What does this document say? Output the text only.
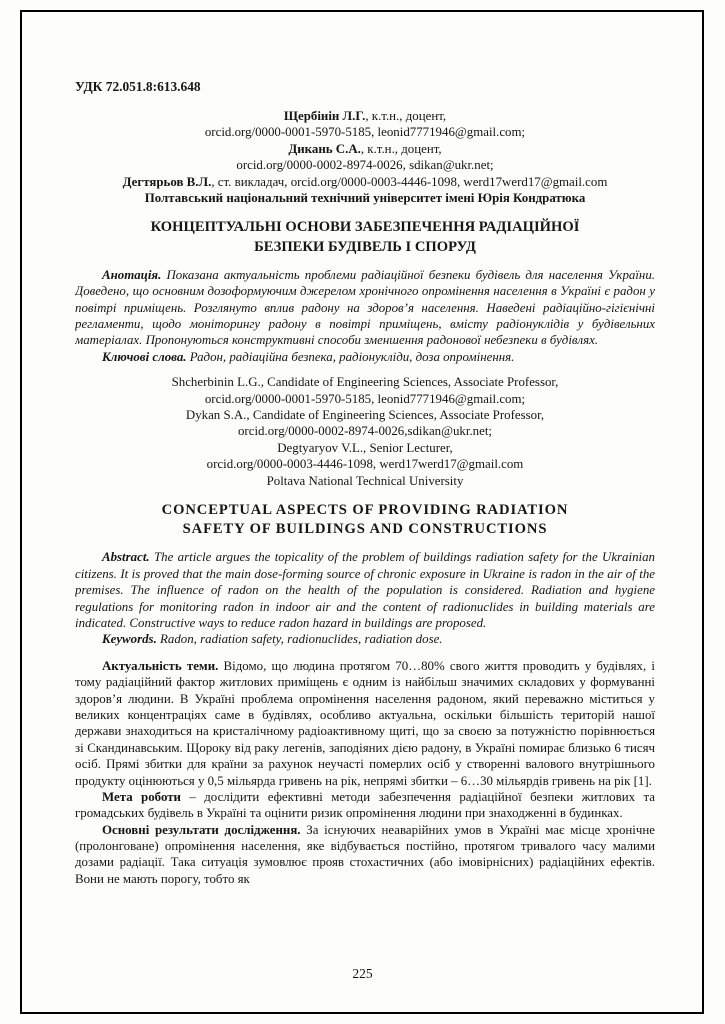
УДК 72.051.8:613.648
Щербінін Л.Г., к.т.н., доцент,
orcid.org/0000-0001-5970-5185, leonid7771946@gmail.com;
Дикань С.А., к.т.н., доцент,
orcid.org/0000-0002-8974-0026, sdikan@ukr.net;
Дегтярьов В.Л., ст. викладач, orcid.org/0000-0003-4446-1098, werd17werd17@gmail.com
Полтавський національний технічний університет імені Юрія Кондратюка
КОНЦЕПТУАЛЬНІ ОСНОВИ ЗАБЕЗПЕЧЕННЯ РАДІАЦІЙНОЇ
БЕЗПЕКИ БУДІВЕЛЬ І СПОРУД

Анотація. Показана актуальність проблеми радіаційної безпеки будівель для населення України. Доведено, що основним дозоформуючим джерелом хронічного опромінення населення в Україні є радон у повітрі приміщень. Розглянуто вплив радону на здоров’я населення. Наведені радіаційно-гігієнічні регламенти, щодо моніторингу радону в повітрі приміщень, вмісту радіонуклідів у будівельних матеріалах. Пропонуються конструктивні способи зменшення радонової небезпеки в будівлях.

Ключові слова. Радон, радіаційна безпека, радіонукліди, доза опромінення.

Shcherbinin L.G., Candidate of Engineering Sciences, Associate Professor,
orcid.org/0000-0001-5970-5185, leonid7771946@gmail.com;
Dykan S.A., Candidate of Engineering Sciences, Associate Professor,
orcid.org/0000-0002-8974-0026,sdikan@ukr.net;
Degtyaryov V.L., Senior Lecturer,
orcid.org/0000-0003-4446-1098, werd17werd17@gmail.com
Poltava National Technical University
CONCEPTUAL ASPECTS OF PROVIDING RADIATION
SAFETY OF BUILDINGS AND CONSTRUCTIONS

Abstract. The article argues the topicality of the problem of buildings radiation safety for the Ukrainian citizens. It is proved that the main dose-forming source of chronic exposure in Ukraine is radon in the air of the premises. The influence of radon on the health of the population is considered. Radiation and hygiene regulations for monitoring radon in indoor air and the content of radionuclides in building materials are indicated. Constructive ways to reduce radon hazard in buildings are proposed.

Keywords. Radon, radiation safety, radionuclides, radiation dose.

Актуальність теми. Відомо, що людина протягом 70…80% свого життя проводить у будівлях, і тому радіаційний фактор житлових приміщень є одним із найбільш значимих складових у формуванні здоров’я людини. В Україні проблема опромінення населення радоном, який переважно міститься у великих концентраціях саме в будівлях, особливо актуальна, оскільки більшість територій нашої держави знаходиться на кристалічному радіоактивному щиті, що за своєю за потужністю порівнюється зі Скандинавським. Щороку від раку легенів, заподіяних дією радону, в Україні помирає близько 6 тисяч осіб. Прямі збитки для країни за рахунок неучасті померлих осіб у створенні валового внутрішнього продукту оцінюються у 0,5 мільярда гривень на рік, непрямі збитки – 6…30 мільярдів гривень на рік [1].

Мета роботи – дослідити ефективні методи забезпечення радіаційної безпеки житлових та громадських будівель в Україні та оцінити ризик опромінення людини при знаходженні в будинках.

Основні результати дослідження. За існуючих неаварійних умов в Україні має місце хронічне (пролонговане) опромінення населення, яке відбувається постійно, протягом тривалого часу малими дозами радіації. Така ситуація зумовлює прояв стохастичних (або імовірнісних) радіаційних ефектів. Вони не мають порогу, тобто як

225
